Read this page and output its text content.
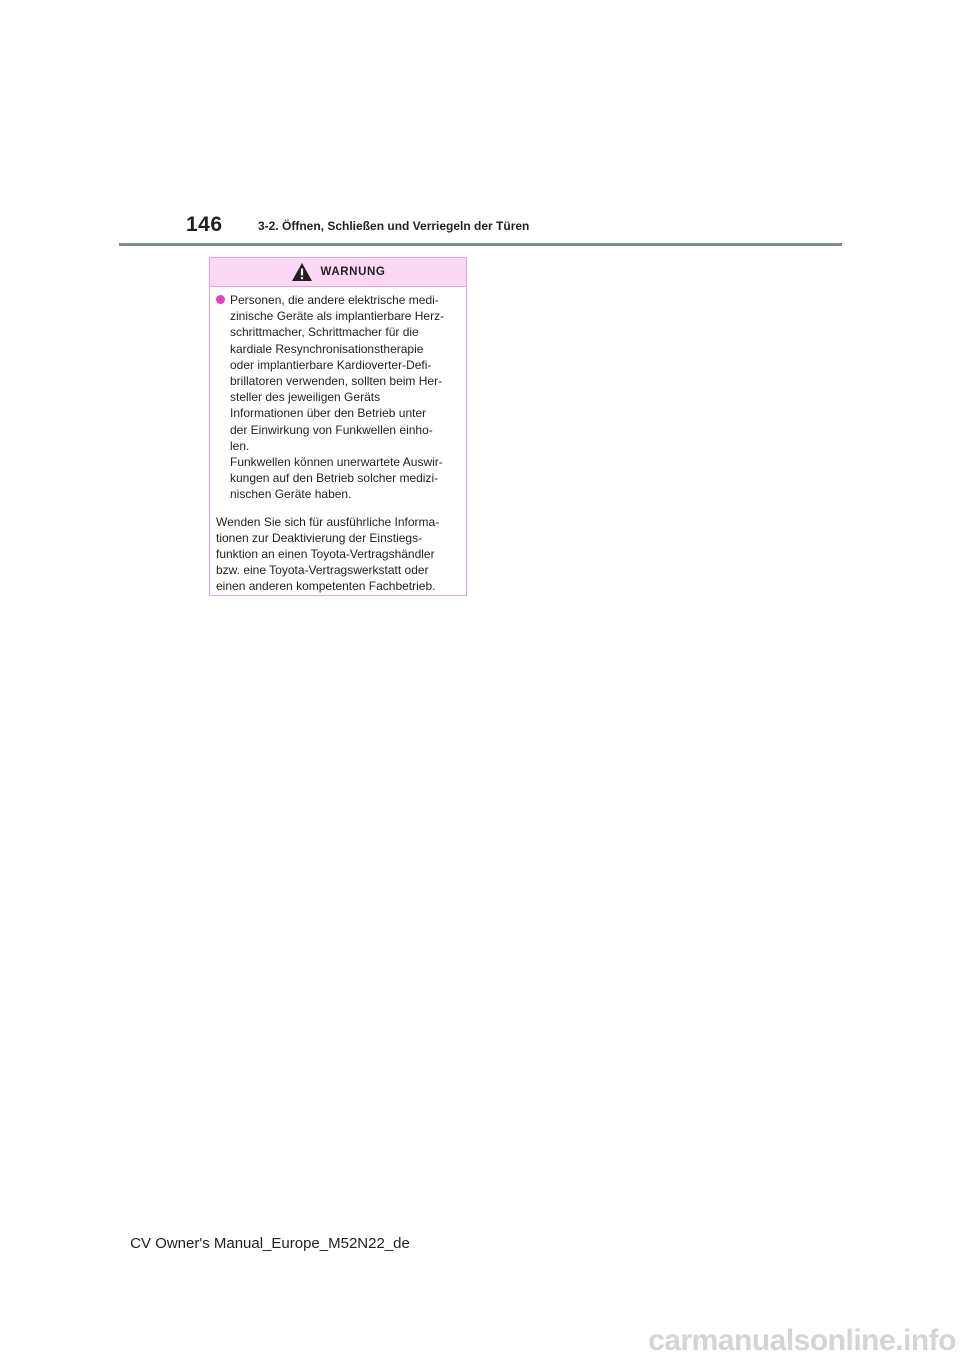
146	3-2. Öffnen, Schließen und Verriegeln der Türen
WARNUNG
Personen, die andere elektrische medi-
zinische Geräte als implantierbare Herz-
schrittmacher, Schrittmacher für die
kardiale Resynchronisationstherapie
oder implantierbare Kardioverter-Defi-
brillatoren verwenden, sollten beim Her-
steller des jeweiligen Geräts
Informationen über den Betrieb unter
der Einwirkung von Funkwellen einho-
len.
Funkwellen können unerwartete Auswir-
kungen auf den Betrieb solcher medizi-
nischen Geräte haben.
Wenden Sie sich für ausführliche Informa-
tionen zur Deaktivierung der Einstiegs-
funktion an einen Toyota-Vertragshändler
bzw. eine Toyota-Vertragswerkstatt oder
einen anderen kompetenten Fachbetrieb.
CV Owner's Manual_Europe_M52N22_de
carmanualsonline.info
